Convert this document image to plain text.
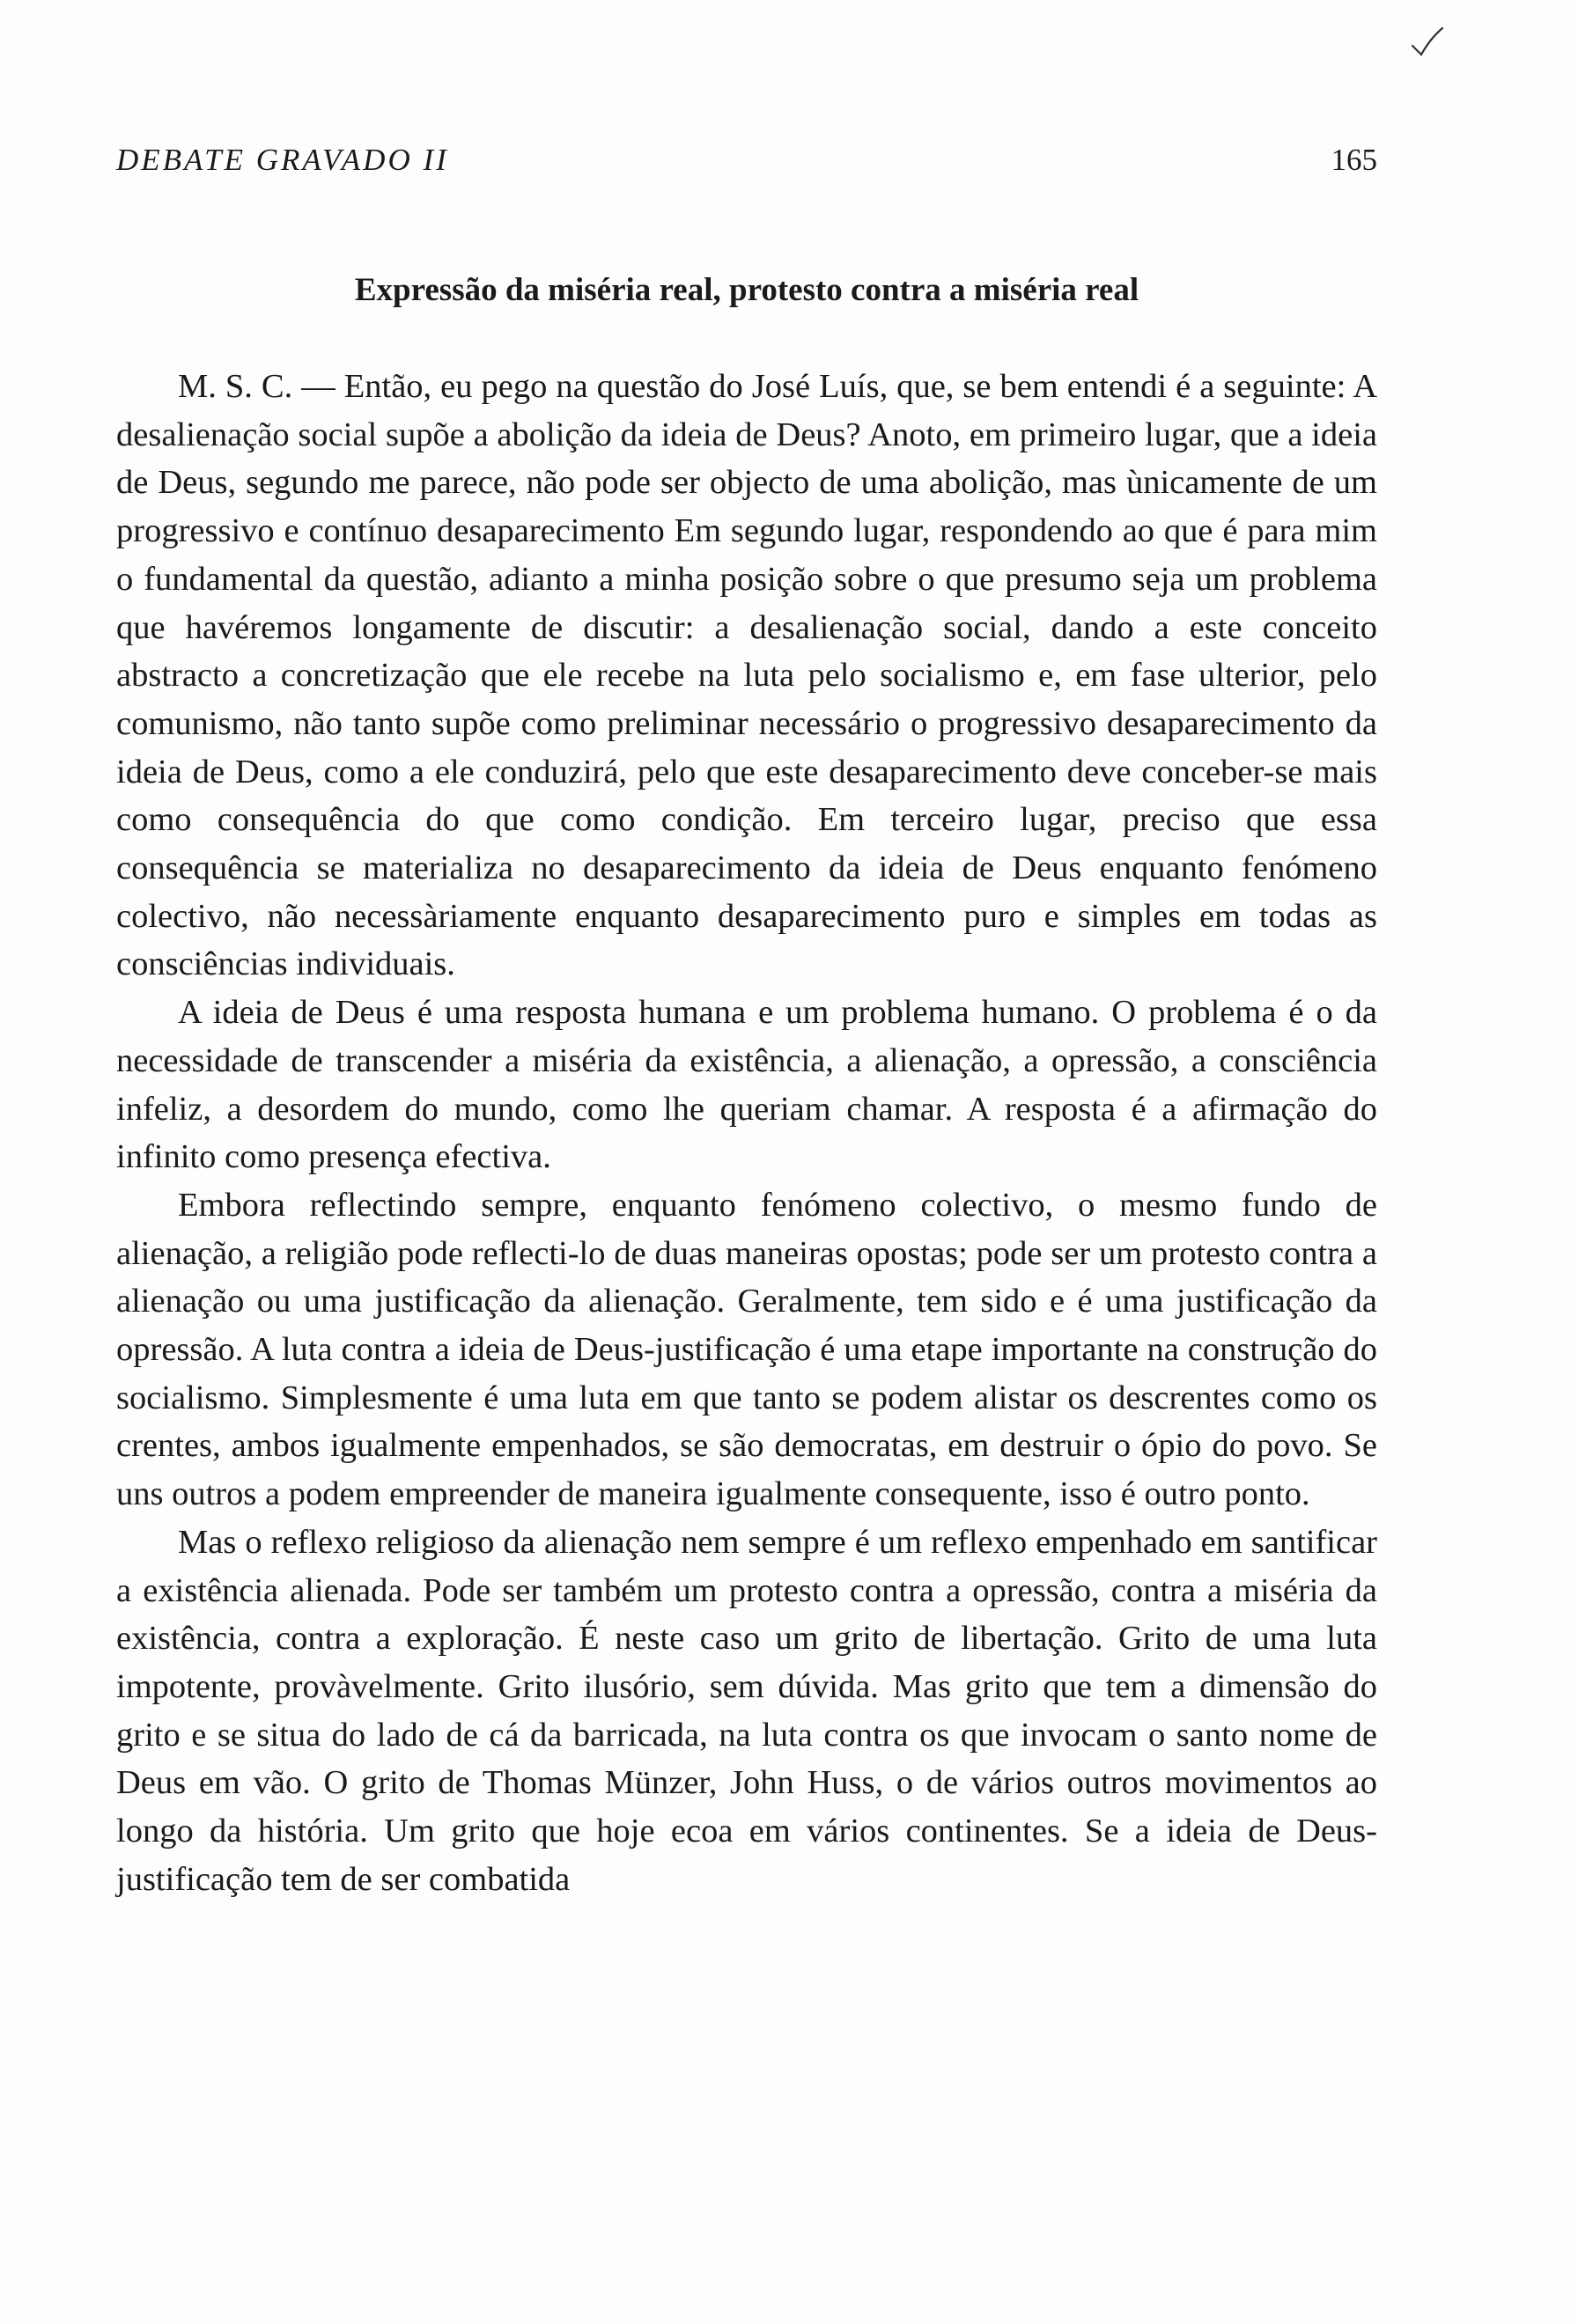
DEBATE GRAVADO II	165
Expressão da miséria real, protesto contra a miséria real

M. S. C. — Então, eu pego na questão do José Luís, que, se bem entendi é a seguinte: A desalienação social supõe a abolição da ideia de Deus? Anoto, em primeiro lugar, que a ideia de Deus, segundo me parece, não pode ser objecto de uma abolição, mas ùnicamente de um progressivo e contínuo desaparecimento Em segundo lugar, respondendo ao que é para mim o fundamental da questão, adianto a minha posição sobre o que presumo seja um problema que havéremos longamente de discutir: a desalienação social, dando a este conceito abstracto a concretização que ele recebe na luta pelo socialismo e, em fase ulterior, pelo comunismo, não tanto supõe como preliminar necessário o progressivo desaparecimento da ideia de Deus, como a ele conduzirá, pelo que este desaparecimento deve conceber-se mais como consequência do que como condição. Em terceiro lugar, preciso que essa consequência se materializa no desaparecimento da ideia de Deus enquanto fenómeno colectivo, não necessàriamente enquanto desaparecimento puro e simples em todas as consciências individuais.

A ideia de Deus é uma resposta humana e um problema humano. O problema é o da necessidade de transcender a miséria da existência, a alienação, a opressão, a consciência infeliz, a desordem do mundo, como lhe queriam chamar. A resposta é a afirmação do infinito como presença efectiva.

Embora reflectindo sempre, enquanto fenómeno colectivo, o mesmo fundo de alienação, a religião pode reflecti-lo de duas maneiras opostas; pode ser um protesto contra a alienação ou uma justificação da alienação. Geralmente, tem sido e é uma justificação da opressão. A luta contra a ideia de Deus-justificação é uma etape importante na construção do socialismo. Simplesmente é uma luta em que tanto se podem alistar os descrentes como os crentes, ambos igualmente empenhados, se são democratas, em destruir o ópio do povo. Se uns outros a podem empreender de maneira igualmente consequente, isso é outro ponto.

Mas o reflexo religioso da alienação nem sempre é um reflexo empenhado em santificar a existência alienada. Pode ser também um protesto contra a opressão, contra a miséria da existência, contra a exploração. É neste caso um grito de libertação. Grito de uma luta impotente, provàvelmente. Grito ilusório, sem dúvida. Mas grito que tem a dimensão do grito e se situa do lado de cá da barricada, na luta contra os que invocam o santo nome de Deus em vão. O grito de Thomas Münzer, John Huss, o de vários outros movimentos ao longo da história. Um grito que hoje ecoa em vários continentes. Se a ideia de Deus-justificação tem de ser combatida
